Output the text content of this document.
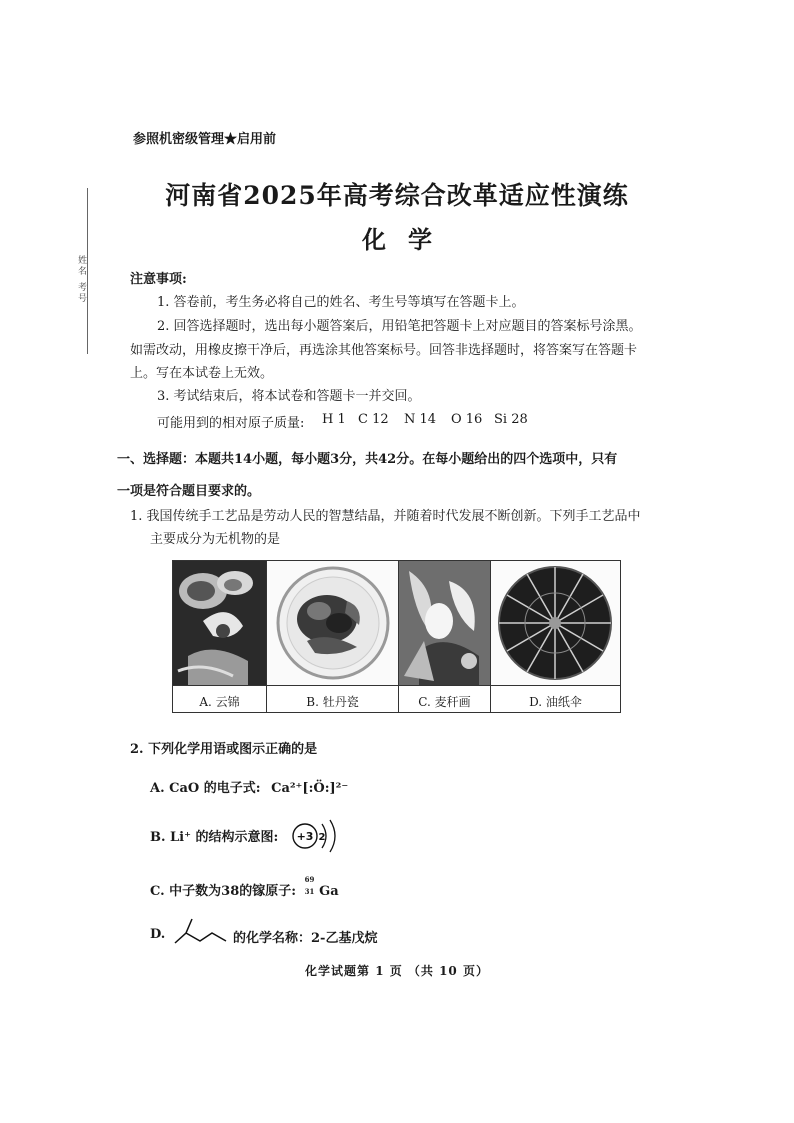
参照机密级管理★启用前
姓名 考号
河南省2025年高考综合改革适应性演练
化学
注意事项:
1. 答卷前，考生务必将自己的姓名、考生号等填写在答题卡上。
2. 回答选择题时，选出每小题答案后，用铅笔把答题卡上对应题目的答案标号涂黑。
如需改动，用橡皮擦干净后，再选涂其他答案标号。回答非选择题时，将答案写在答题卡
上。写在本试卷上无效。
3. 考试结束后，将本试卷和答题卡一并交回。
可能用到的相对原子质量: H 1 C 12 N 14 O 16 Si 28
一、选择题：本题共14小题，每小题3分，共42分。在每小题给出的四个选项中，只有
一项是符合题目要求的。
1. 我国传统手工艺品是劳动人民的智慧结晶，并随着时代发展不断创新。下列手工艺品中
主要成分为无机物的是
A. 云锦	B. 牡丹瓷	C. 麦秆画	D. 油纸伞
2. 下列化学用语或图示正确的是
A. CaO 的电子式: Ca²⁺[:Ö:]²⁻
B. Li⁺ 的结构示意图: +3 2
C. 中子数为38的镓原子:
69
31 Ga
D.	的化学名称：2-乙基戊烷
化学试题第 1 页 （共 10 页）
